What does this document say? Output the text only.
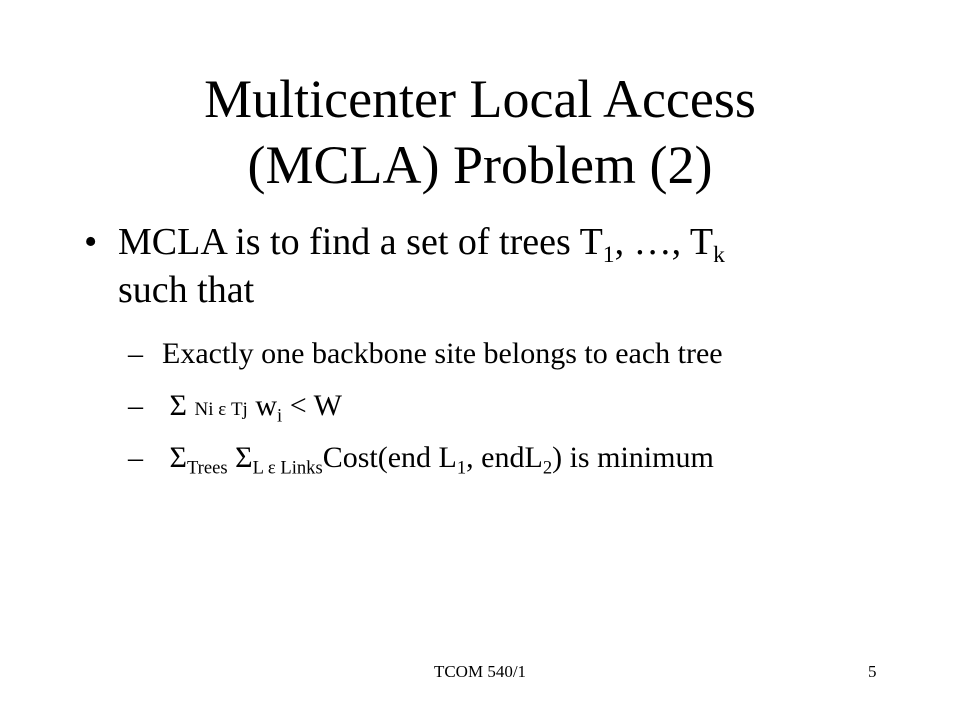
Multicenter Local Access
(MCLA) Problem (2)
• MCLA is to find a set of trees $T_1$, …, $T_k$
such that
– Exactly one backbone site belongs to each tree
– Σ Ni ε Tj $w_i < W$
– $\Sigma_{Trees}$ $\Sigma_{L \varepsilon Links}Cost(end$ $L_1$, endL$_2$) is minimum
TCOM 540/1	5
